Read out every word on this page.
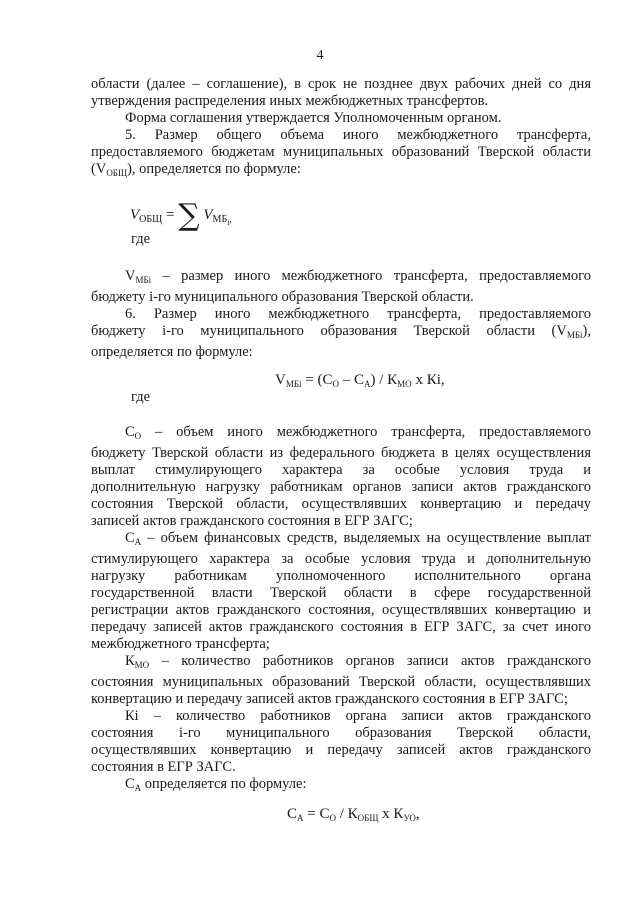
4

области (далее – соглашение), в срок не позднее двух рабочих дней со дня

утверждения распределения иных межбюджетных трансфертов.

Форма соглашения утверждается Уполномоченным органом.

5. Размер общего объема иного межбюджетного трансферта,

предоставляемого бюджетам муниципальных образований Тверской области

$(V_{ОБЩ})$, определяется по формуле:

$V_{ОБЩ}$ = ∑ $V_{МБ_i,}$
где

$V_{МБi}$ – размер иного межбюджетного трансферта, предоставляемого

бюджету i-го муниципального образования Тверской области.

6. Размер иного межбюджетного трансферта, предоставляемого

бюджету i-го муниципального образования Тверской области $(V_{МБi})$,

определяется по формуле:

$V_{МБi} = (С_О - С_А) / К_{МО}$ x Кi,
где

$С_О$ – объем иного межбюджетного трансферта, предоставляемого

бюджету Тверской области из федерального бюджета в целях осуществления

выплат стимулирующего характера за особые условия труда и

дополнительную нагрузку работникам органов записи актов гражданского

состояния Тверской области, осуществлявших конвертацию и передачу

записей актов гражданского состояния в ЕГР ЗАГС;

$С_А$ – объем финансовых средств, выделяемых на осуществление выплат

стимулирующего характера за особые условия труда и дополнительную

нагрузку работникам уполномоченного исполнительного органа

государственной власти Тверской области в сфере государственной

регистрации актов гражданского состояния, осуществлявших конвертацию и

передачу записей актов гражданского состояния в ЕГР ЗАГС, за счет иного

межбюджетного трансферта;

$К_{МО}$ – количество работников органов записи актов гражданского

состояния муниципальных образований Тверской области, осуществлявших

конвертацию и передачу записей актов гражданского состояния в ЕГР ЗАГС;

Кi – количество работников органа записи актов гражданского

состояния i-го муниципального образования Тверской области,

осуществлявших конвертацию и передачу записей актов гражданского

состояния в ЕГР ЗАГС.

$С_А$ определяется по формуле:

$С_А = С_О / К_{ОБЩ}$ x $К_{УО}$,
